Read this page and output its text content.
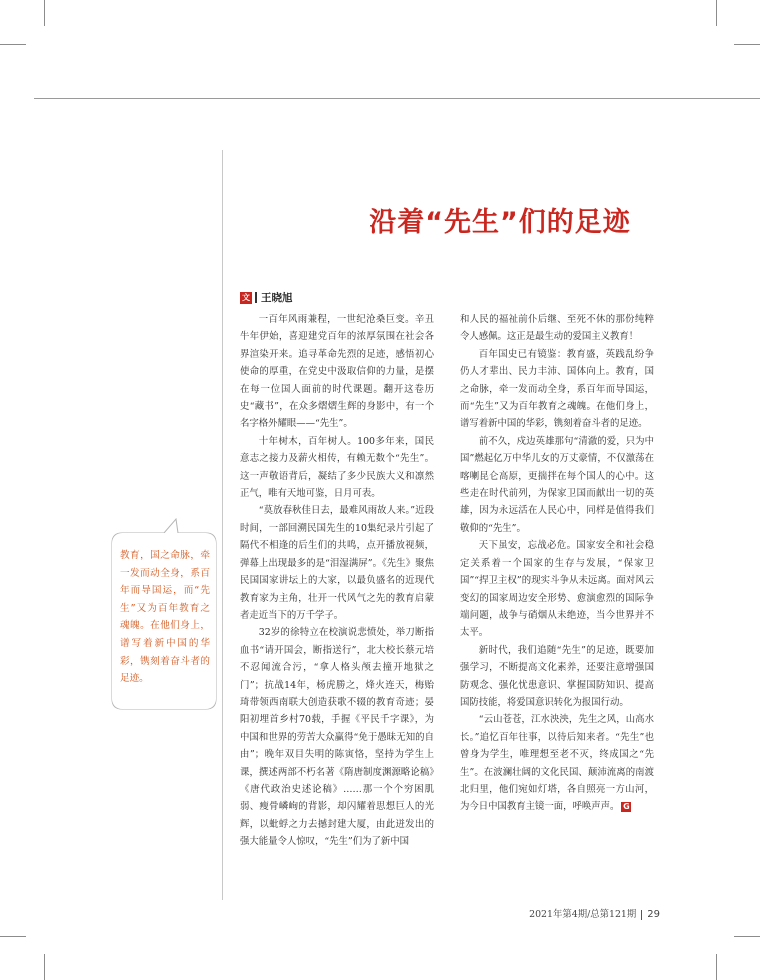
沿着“先生”们的足迹
文 王晓旭

一百年风雨兼程，一世纪沧桑巨变。辛丑牛年伊始，喜迎建党百年的浓厚氛围在社会各界渲染开来。追寻革命先烈的足迹，感悟初心使命的厚重，在党史中汲取信仰的力量，是摆在每一位国人面前的时代课题。翻开这卷历史“藏书”，在众多熠熠生辉的身影中，有一个名字格外耀眼——“先生”。

十年树木，百年树人。100多年来，国民意志之接力及薪火相传，有赖无数个“先生”。这一声敬语背后，凝结了多少民族大义和凛然正气，唯有天地可鉴，日月可表。

“莫放春秋佳日去，最难风雨故人来。”近段时间，一部回溯民国先生的10集纪录片引起了隔代不相逢的后生们的共鸣，点开播放视频，弹幕上出现最多的是“泪湿满屏”。《先生》聚焦民国国家讲坛上的大家，以最负盛名的近现代教育家为主角，壮开一代风气之先的教育启蒙者走近当下的万千学子。

32岁的徐特立在校演说悲愤处，举刀断指血书“请开国会，断指送行”，北大校长蔡元培不忍闻流合污，“拿人格头颅去撞开地狱之门”；抗战14年，杨虎勝之，烽火连天，梅贻琦带领西南联大创造获歌不辍的教育奇迹；晏阳初埋首乡村70载，手握《平民千字课》，为中国和世界的劳苦大众赢得“免于愚昧无知的自由”；晚年双目失明的陈寅恪，坚持为学生上课，撰述两部不朽名著《隋唐制度渊源略论稿》《唐代政治史述论稿》……那一个个穷困肌弱、瘦骨嶙峋的背影，却闪耀着思想巨人的光辉，以蚍蜉之力去撼封建大厦，由此迸发出的强大能量令人惊叹，“先生”们为了新中国

和人民的福祉前仆后继、至死不休的那份纯粹令人感佩。这正是最生动的爱国主义教育！

百年国史已有镜鉴：教育盛，英践乱纷争仍人才辈出、民力丰沛、国体向上。教育，国之命脉，牵一发而动全身，系百年而导国运，而“先生”又为百年教育之魂魄。在他们身上，谱写着新中国的华彩，镌刻着奋斗者的足迹。

前不久，戍边英雄那句“清澈的爱，只为中国”燃起亿万中华儿女的万丈豪情，不仅激荡在喀喇昆仑高原，更揣拌在每个国人的心中。这些走在时代前列，为保家卫国而献出一切的英雄，因为永远活在人民心中，同样是值得我们敬仰的“先生”。

天下虽安，忘战必危。国家安全和社会稳定关系着一个国家的生存与发展，“保家卫国”“捍卫主权”的现实斗争从未远离。面对风云变幻的国家周边安全形势、愈演愈烈的国际争端问题，战争与硝烟从未绝迹，当今世界并不太平。

新时代，我们追随“先生”的足迹，既要加强学习，不断提高文化素养，还要注意增强国防观念、强化忧患意识、掌握国防知识、提高国防技能，将爱国意识转化为报国行动。

“云山苍苍，江水泱泱，先生之风，山高水长。”追忆百年往事，以待后知来者。“先生”也曾身为学生，唯理想至老不灭，终成国之“先生”。在波澜壮阔的文化民国、颠沛流离的南渡北归里，他们宛如灯塔，各自照亮一方山河，为今日中国教育主镜一面，呼唤声声。 G

教育，国之命脉，牵一发而动全身，系百年而导国运，而“先生”又为百年教育之魂魄。在他们身上，谱写着新中国的华彩，镌刻着奋斗者的足迹。
2021年第4期/总第121期 29
